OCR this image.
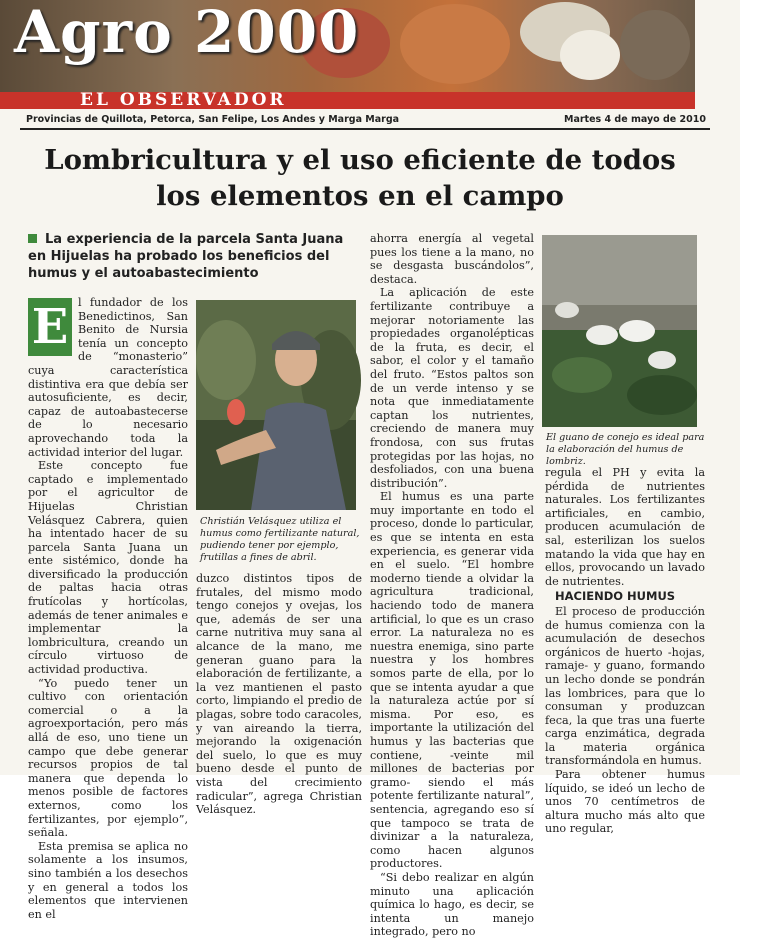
Agro 2000
EL OBSERVADOR
Provincias de Quillota, Petorca, San Felipe, Los Andes y Marga Marga	Martes 4 de mayo de 2010
Lombricultura y el uso eficiente de todos los elementos en el campo
La experiencia de la parcela Santa Juana en Hijuelas ha probado los beneficios del humus y el autoabastecimiento
E l fundador de los Benedictinos, San Benito de Nursia tenía un concepto de “monasterio” cuya característica distintiva era que debía ser autosuficiente, es decir, capaz de autoabastecerse de lo necesario aprovechando toda la actividad interior del lugar.

Este concepto fue captado e implementado por el agricultor de Hijuelas Christian Velásquez Cabrera, quien ha intentado hacer de su parcela Santa Juana un ente sistémico, donde ha diversificado la producción de paltas hacia otras frutícolas y hortícolas, además de tener animales e implementar la lombricultura, creando un círculo virtuoso de actividad productiva.

“Yo puedo tener un cultivo con orientación comercial o a la agroexportación, pero más allá de eso, uno tiene un campo que debe generar recursos propios de tal manera que dependa lo menos posible de factores externos, como los fertilizantes, por ejemplo”, señala.

Esta premisa se aplica no solamente a los insumos, sino también a los desechos y en general a todos los elementos que intervienen en el

Christián Velásquez utiliza el humus como fertilizante natural, pudiendo tener por ejemplo, frutillas a fines de abril.

duzco distintos tipos de frutales, del mismo modo tengo conejos y ovejas, los que, además de ser una carne nutritiva muy sana al alcance de la mano, me generan guano para la elaboración de fertilizante, a la vez mantienen el pasto corto, limpiando el predio de plagas, sobre todo caracoles, y van aireando la tierra, mejorando la oxigenación del suelo, lo que es muy bueno desde el punto de vista del crecimiento radicular”, agrega Christian Velásquez.

ahorra energía al vegetal pues los tiene a la mano, no se desgasta buscándolos”, destaca.

La aplicación de este fertilizante contribuye a mejorar notoriamente las propiedades organolépticas de la fruta, es decir, el sabor, el color y el tamaño del fruto. “Estos paltos son de un verde intenso y se nota que inmediatamente captan los nutrientes, creciendo de manera muy frondosa, con sus frutas protegidas por las hojas, no desfoliados, con una buena distribución”.

El humus es una parte muy importante en todo el proceso, donde lo particular, es que se intenta en esta experiencia, es generar vida en el suelo. “El hombre moderno tiende a olvidar la agricultura tradicional, haciendo todo de manera artificial, lo que es un craso error. La naturaleza no es nuestra enemiga, sino parte nuestra y los hombres somos parte de ella, por lo que se intenta ayudar a que la naturaleza actúe por sí misma. Por eso, es importante la utilización del humus y las bacterias que contiene, -veinte mil millones de bacterias por gramo- siendo el más potente fertilizante natural”, sentencia, agregando eso sí que tampoco se trata de divinizar a la naturaleza, como hacen algunos productores.

“Si debo realizar en algún minuto una aplicación química lo hago, es decir, se intenta un manejo integrado, pero no

El guano de conejo es ideal para la elaboración del humus de lombriz.

regula el PH y evita la pérdida de nutrientes naturales. Los fertilizantes artificiales, en cambio, producen acumulación de sal, esterilizan los suelos matando la vida que hay en ellos, provocando un lavado de nutrientes.

HACIENDO HUMUS

El proceso de producción de humus comienza con la acumulación de desechos orgánicos de huerto -hojas, ramaje- y guano, formando un lecho donde se pondrán las lombrices, para que lo consuman y produzcan feca, la que tras una fuerte carga enzimática, degrada la materia orgánica transformándola en humus.

Para obtener humus líquido, se ideó un lecho de unos 70 centímetros de altura mucho más alto que uno regular,
